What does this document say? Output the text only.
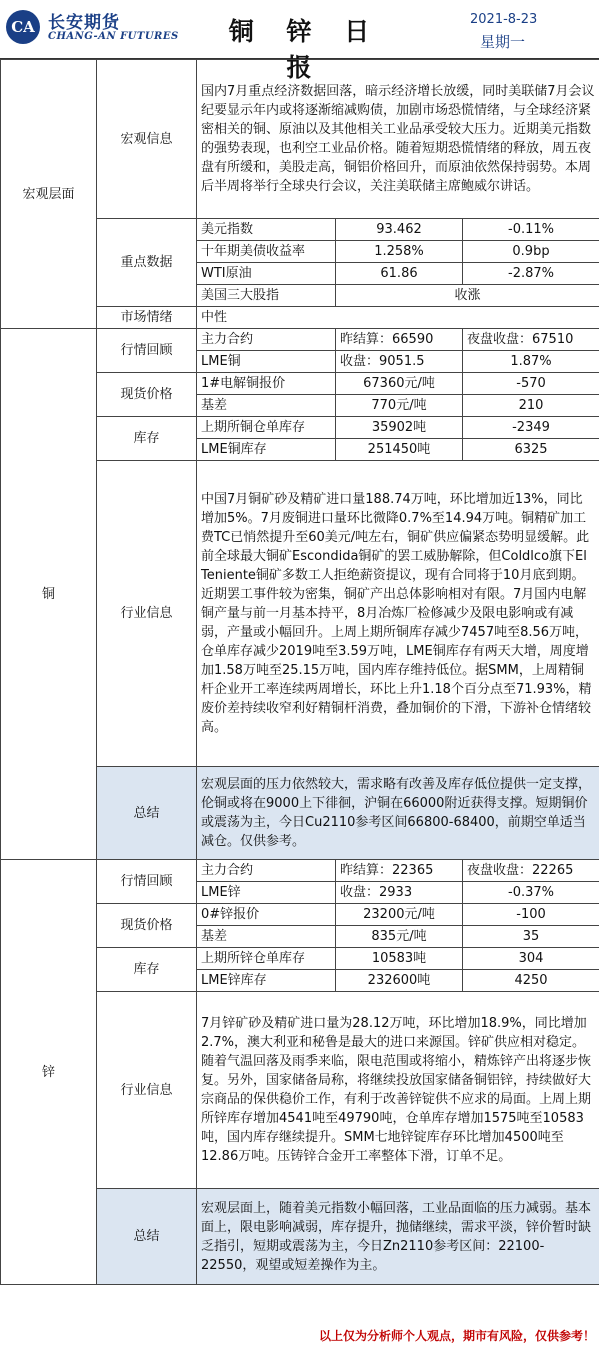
CA 长安期货
CHANG-AN FUTURES	铜 锌 日 报
2021-8-23
星期一
宏观层面	宏观信息	国内7月重点经济数据回落，暗示经济增长放缓，同时美联储7月会议纪要显示年内或将逐渐缩减购债，加剧市场恐慌情绪，与全球经济紧密相关的铜、原油以及其他相关工业品承受较大压力。近期美元指数的强势表现，也利空工业品价格。随着短期恐慌情绪的释放，周五夜盘有所缓和，美股走高，铜铝价格回升，而原油依然保持弱势。本周后半周将举行全球央行会议，关注美联储主席鲍威尔讲话。		
	重点数据	美元指数	93.462	-0.11%
		十年期美债收益率	1.258%	0.9bp
		WTI原油	61.86	-2.87%
		美国三大股指	收涨	
	市场情绪	中性		

铜	行情回顾	主力合约	昨结算：66590	夜盘收盘：67510
		LME铜	收盘：9051.5	1.87%
	现货价格	1#电解铜报价	67360元/吨	-570
		基差	770元/吨	210
	库存	上期所铜仓单库存	35902吨	-2349
		LME铜库存	251450吨	6325
	行业信息	中国7月铜矿砂及精矿进口量188.74万吨，环比增加近13%，同比增加5%。7月废铜进口量环比微降0.7%至14.94万吨。铜精矿加工费TC已悄然提升至60美元/吨左右，铜矿供应偏紧态势明显缓解。此前全球最大铜矿Escondida铜矿的罢工威胁解除，但Coldlco旗下El Teniente铜矿多数工人拒绝薪资提议，现有合同将于10月底到期。近期罢工事件较为密集，铜矿产出总体影响相对有限。7月国内电解铜产量与前一月基本持平，8月冶炼厂检修减少及限电影响或有减弱，产量或小幅回升。上周上期所铜库存减少7457吨至8.56万吨，仓单库存减少2019吨至3.59万吨，LME铜库存有两天大增，周度增加1.58万吨至25.15万吨，国内库存维持低位。据SMM，上周精铜杆企业开工率连续两周增长，环比上升1.18个百分点至71.93%，精废价差持续收窄利好精铜杆消费，叠加铜价的下滑，下游补仓情绪较高。		
	总结	宏观层面的压力依然较大，需求略有改善及库存低位提供一定支撑，伦铜或将在9000上下徘徊，沪铜在66000附近获得支撑。短期铜价或震荡为主，今日Cu2110参考区间66800-68400，前期空单适当减仓。仅供参考。		
锌	行情回顾	主力合约	昨结算：22365	夜盘收盘：22265
		LME锌	收盘：2933	-0.37%
	现货价格	0#锌报价	23200元/吨	-100
		基差	835元/吨	35
	库存	上期所锌仓单库存	10583吨	304
		LME锌库存	232600吨	4250
	行业信息	7月锌矿砂及精矿进口量为28.12万吨，环比增加18.9%，同比增加2.7%，澳大利亚和秘鲁是最大的进口来源国。锌矿供应相对稳定。随着气温回落及雨季来临，限电范围或将缩小，精炼锌产出将逐步恢复。另外，国家储备局称，将继续投放国家储备铜铝锌，持续做好大宗商品的保供稳价工作，有利于改善锌锭供不应求的局面。上周上期所锌库存增加4541吨至49790吨，仓单库存增加1575吨至10583吨，国内库存继续提升。SMM七地锌锭库存环比增加4500吨至12.86万吨。压铸锌合金开工率整体下滑，订单不足。		
	总结	宏观层面上，随着美元指数小幅回落，工业品面临的压力减弱。基本面上，限电影响减弱，库存提升，抛储继续，需求平淡，锌价暂时缺乏指引，短期或震荡为主，今日Zn2110参考区间：22100-22550，观望或短差操作为主。		
以上仅为分析师个人观点，期市有风险，仅供参考！
